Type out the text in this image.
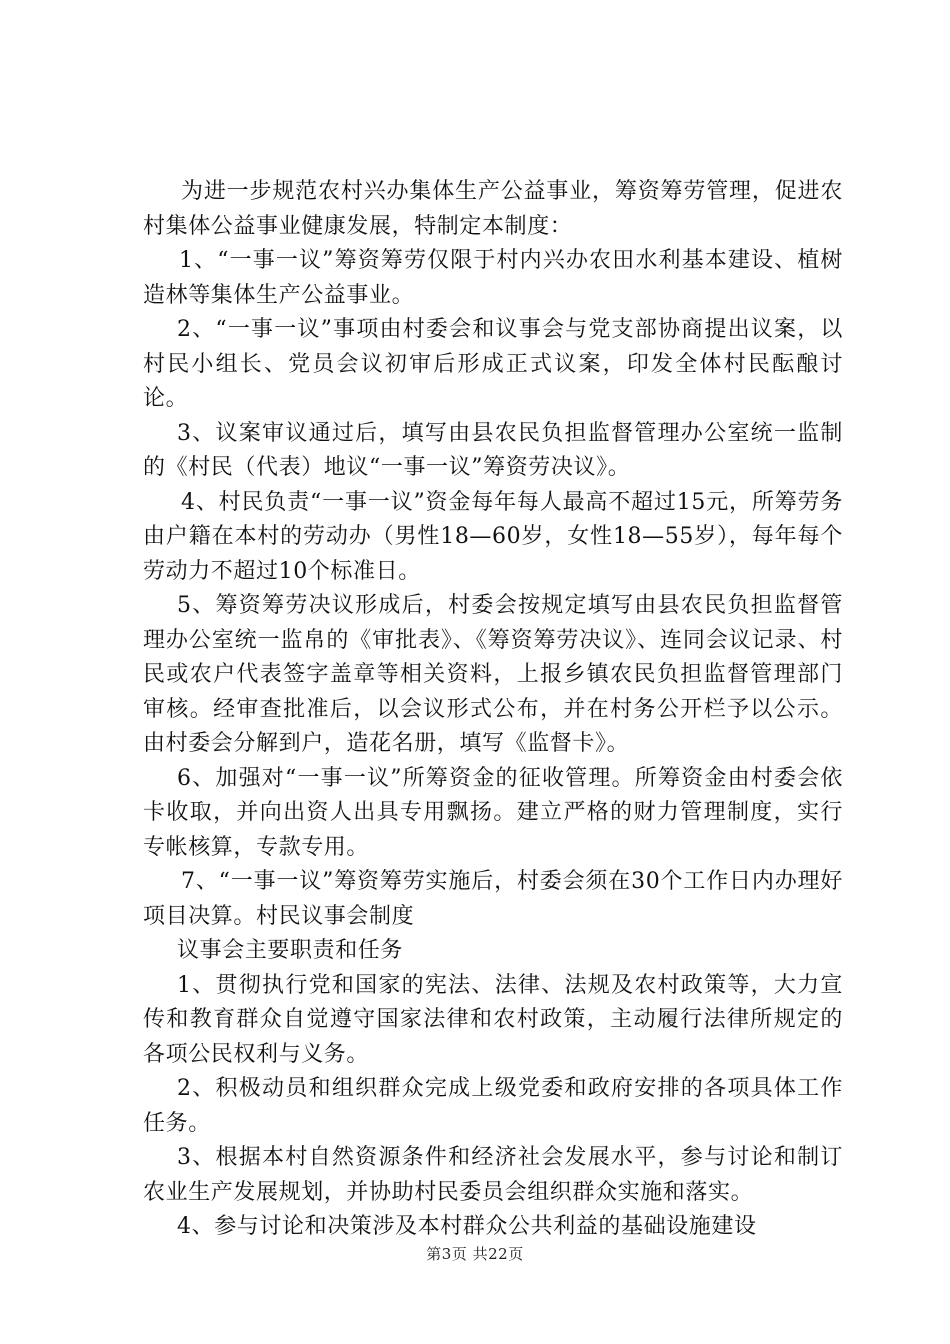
为进一步规范农村兴办集体生产公益事业，筹资筹劳管理，促进农村集体公益事业健康发展，特制定本制度：

1、“一事一议”筹资筹劳仅限于村内兴办农田水利基本建设、植树造林等集体生产公益事业。

2、“一事一议”事项由村委会和议事会与党支部协商提出议案，以村民小组长、党员会议初审后形成正式议案，印发全体村民酝酿讨论。

3、议案审议通过后，填写由县农民负担监督管理办公室统一监制的《村民（代表）地议“一事一议”筹资劳决议》。

4、村民负责“一事一议”资金每年每人最高不超过15元，所筹劳务由户籍在本村的劳动办（男性18—60岁，女性18—55岁），每年每个劳动力不超过10个标准日。

5、筹资筹劳决议形成后，村委会按规定填写由县农民负担监督管理办公室统一监帛的《审批表》、《筹资筹劳决议》、连同会议记录、村民或农户代表签字盖章等相关资料，上报乡镇农民负担监督管理部门审核。经审查批准后，以会议形式公布，并在村务公开栏予以公示。由村委会分解到户，造花名册，填写《监督卡》。

6、加强对“一事一议”所筹资金的征收管理。所筹资金由村委会依卡收取，并向出资人出具专用飘扬。建立严格的财力管理制度，实行专帐核算，专款专用。

7、“一事一议”筹资筹劳实施后，村委会须在30个工作日内办理好项目决算。村民议事会制度

议事会主要职责和任务

1、贯彻执行党和国家的宪法、法律、法规及农村政策等，大力宣传和教育群众自觉遵守国家法律和农村政策，主动履行法律所规定的各项公民权利与义务。

2、积极动员和组织群众完成上级党委和政府安排的各项具体工作任务。

3、根据本村自然资源条件和经济社会发展水平，参与讨论和制订农业生产发展规划，并协助村民委员会组织群众实施和落实。

4、参与讨论和决策涉及本村群众公共利益的基础设施建设

第3页 共22页
